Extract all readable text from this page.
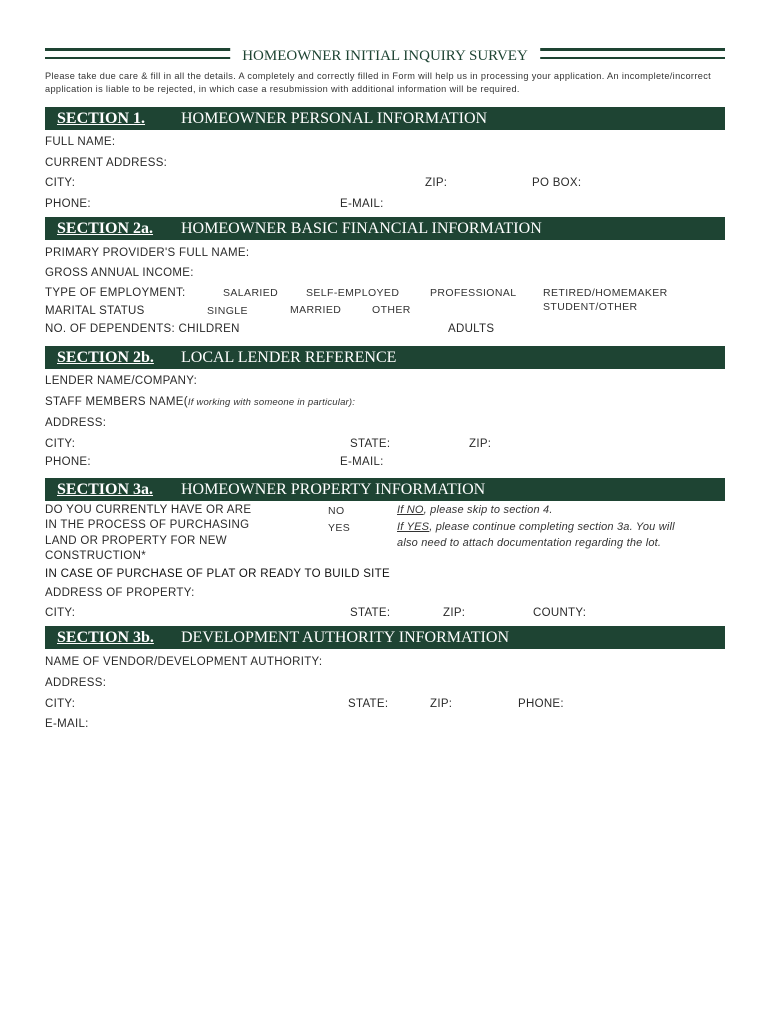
HOMEOWNER INITIAL INQUIRY SURVEY
Please take due care & fill in all the details. A completely and correctly filled in Form will help us in processing your application. An incomplete/incorrect application is liable to be rejected, in which case a resubmission with additional information will be required.
SECTION 1. HOMEOWNER PERSONAL INFORMATION
FULL NAME:
CURRENT ADDRESS:
CITY:	ZIP:	PO BOX:
PHONE:	E-MAIL:
SECTION 2a. HOMEOWNER BASIC FINANCIAL INFORMATION
PRIMARY PROVIDER'S FULL NAME:
GROSS ANNUAL INCOME:
TYPE OF EMPLOYMENT:	SALARIED	SELF-EMPLOYED	PROFESSIONAL	RETIRED/HOMEMAKER
STUDENT/OTHER
MARITAL STATUS	SINGLE	MARRIED	OTHER
NO. OF DEPENDENTS: CHILDREN	ADULTS
SECTION 2b. LOCAL LENDER REFERENCE
LENDER NAME/COMPANY:
STAFF MEMBERS NAME(If working with someone in particular):
ADDRESS:
CITY:	STATE:	ZIP:
PHONE:	E-MAIL:
SECTION 3a. HOMEOWNER PROPERTY INFORMATION
DO YOU CURRENTLY HAVE OR ARE
IN THE PROCESS OF PURCHASING
LAND OR PROPERTY FOR NEW
CONSTRUCTION*
NO
YES
If NO, please skip to section 4.
If YES, please continue completing section 3a. You will
also need to attach documentation regarding the lot.
IN CASE OF PURCHASE OF PLAT OR READY TO BUILD SITE
ADDRESS OF PROPERTY:
CITY:	STATE:	ZIP:	COUNTY:
SECTION 3b. DEVELOPMENT AUTHORITY INFORMATION
NAME OF VENDOR/DEVELOPMENT AUTHORITY:
ADDRESS:
CITY:	STATE:	ZIP:	PHONE:
E-MAIL:
